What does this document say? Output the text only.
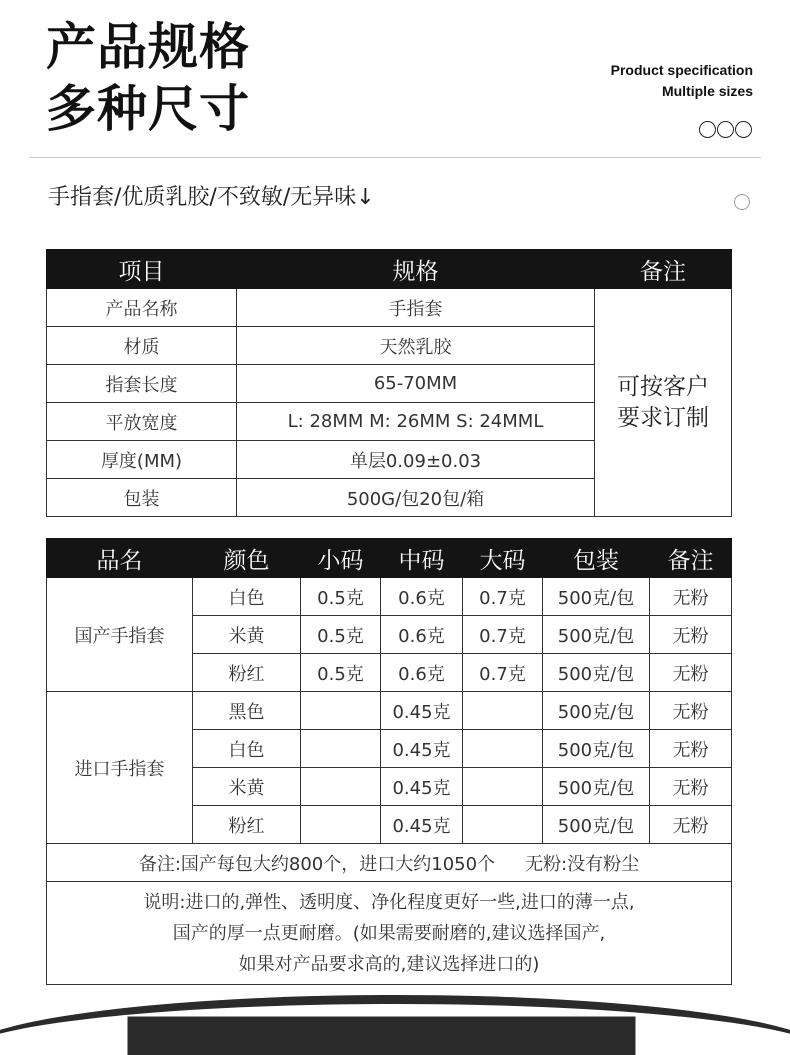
产品规格
多种尺寸
Product specification
Multiple sizes
手指套/优质乳胶/不致敏/无异味↓
项目	规格	备注
产品名称	手指套	可按客户
要求订制
材质	天然乳胶	
指套长度	65-70MM	
平放宽度	L: 28MM M: 26MM S: 24MML	
厚度(MM)	单层0.09±0.03	
包装	500G/包20包/箱	
品名	颜色	小码	中码	大码	包装	备注
国产手指套	白色	0.5克	0.6克	0.7克	500克/包	无粉
	米黄	0.5克	0.6克	0.7克	500克/包	无粉
	粉红	0.5克	0.6克	0.7克	500克/包	无粉
进口手指套	黑色		0.45克		500克/包	无粉
	白色		0.45克		500克/包	无粉
	米黄		0.45克		500克/包	无粉
	粉红		0.45克		500克/包	无粉
备注:国产每包大约800个，进口大约1050个 无粉:没有粉尘						
说明:进口的,弹性、透明度、净化程度更好一些,进口的薄一点,
国产的厚一点更耐磨。(如果需要耐磨的,建议选择国产,
如果对产品要求高的,建议选择进口的)						
